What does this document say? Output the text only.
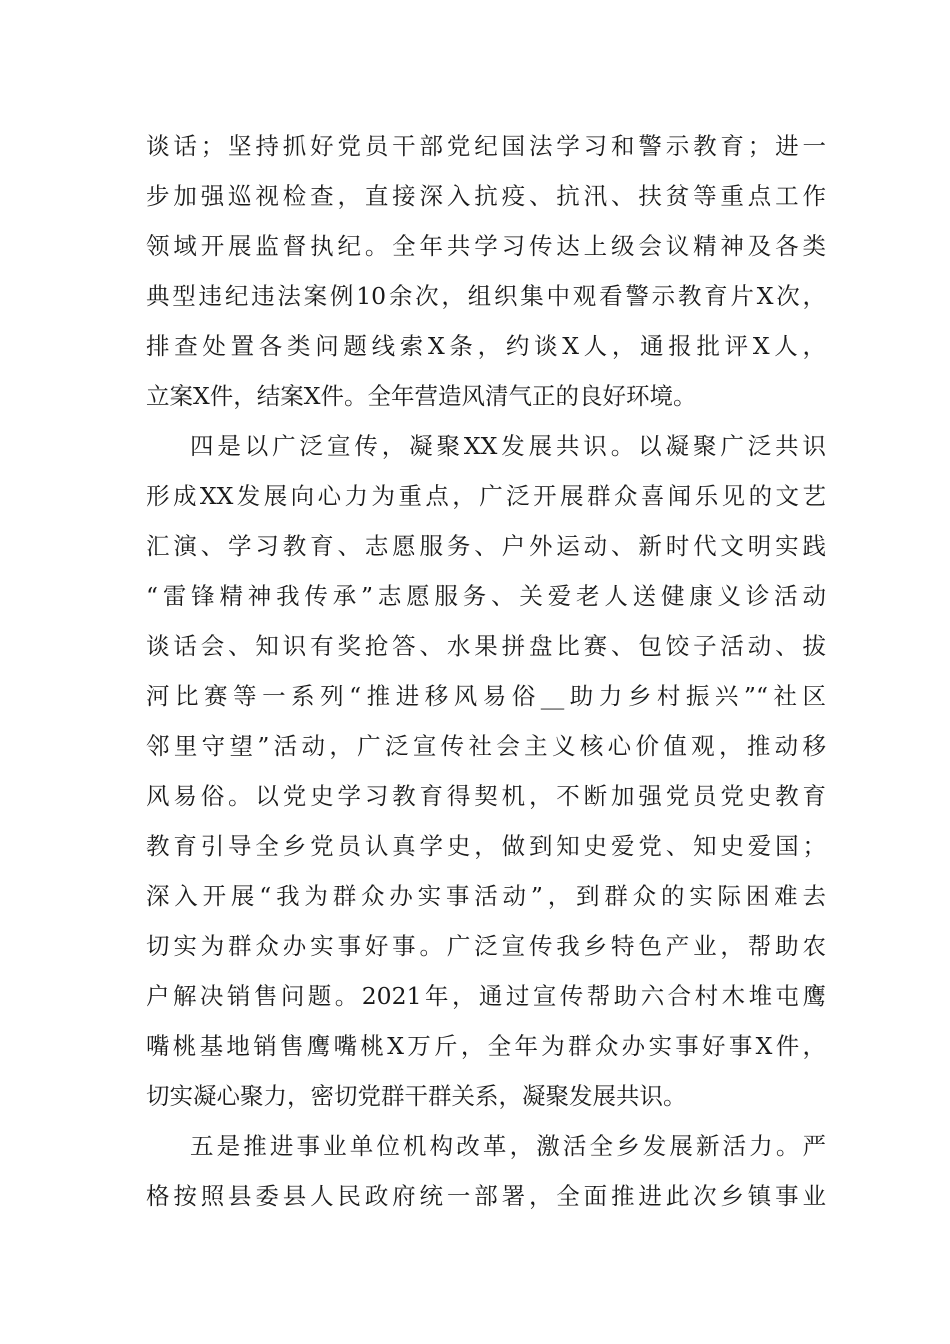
谈话；坚持抓好党员干部党纪国法学习和警示教育；进一
步加强巡视检查，直接深入抗疫、抗汛、扶贫等重点工作
领域开展监督执纪。全年共学习传达上级会议精神及各类
典型违纪违法案例10余次，组织集中观看警示教育片X次，
排查处置各类问题线索X条，约谈X人，通报批评X人，
立案X件，结案X件。全年营造风清气正的良好环境。
四是以广泛宣传，凝聚XX发展共识。以凝聚广泛共识
形成XX发展向心力为重点，广泛开展群众喜闻乐见的文艺
汇演、学习教育、志愿服务、户外运动、新时代文明实践
“雷锋精神我传承”志愿服务、关爱老人送健康义诊活动
谈话会、知识有奖抢答、水果拼盘比赛、包饺子活动、拔
河比赛等一系列“推进移风易俗__助力乡村振兴”“社区
邻里守望”活动，广泛宣传社会主义核心价值观，推动移
风易俗。以党史学习教育得契机，不断加强党员党史教育
教育引导全乡党员认真学史，做到知史爱党、知史爱国；
深入开展“我为群众办实事活动”，到群众的实际困难去
切实为群众办实事好事。广泛宣传我乡特色产业，帮助农
户解决销售问题。2021年，通过宣传帮助六合村木堆屯鹰
嘴桃基地销售鹰嘴桃X万斤，全年为群众办实事好事X件，
切实凝心聚力，密切党群干群关系，凝聚发展共识。
五是推进事业单位机构改革，激活全乡发展新活力。严
格按照县委县人民政府统一部署，全面推进此次乡镇事业
